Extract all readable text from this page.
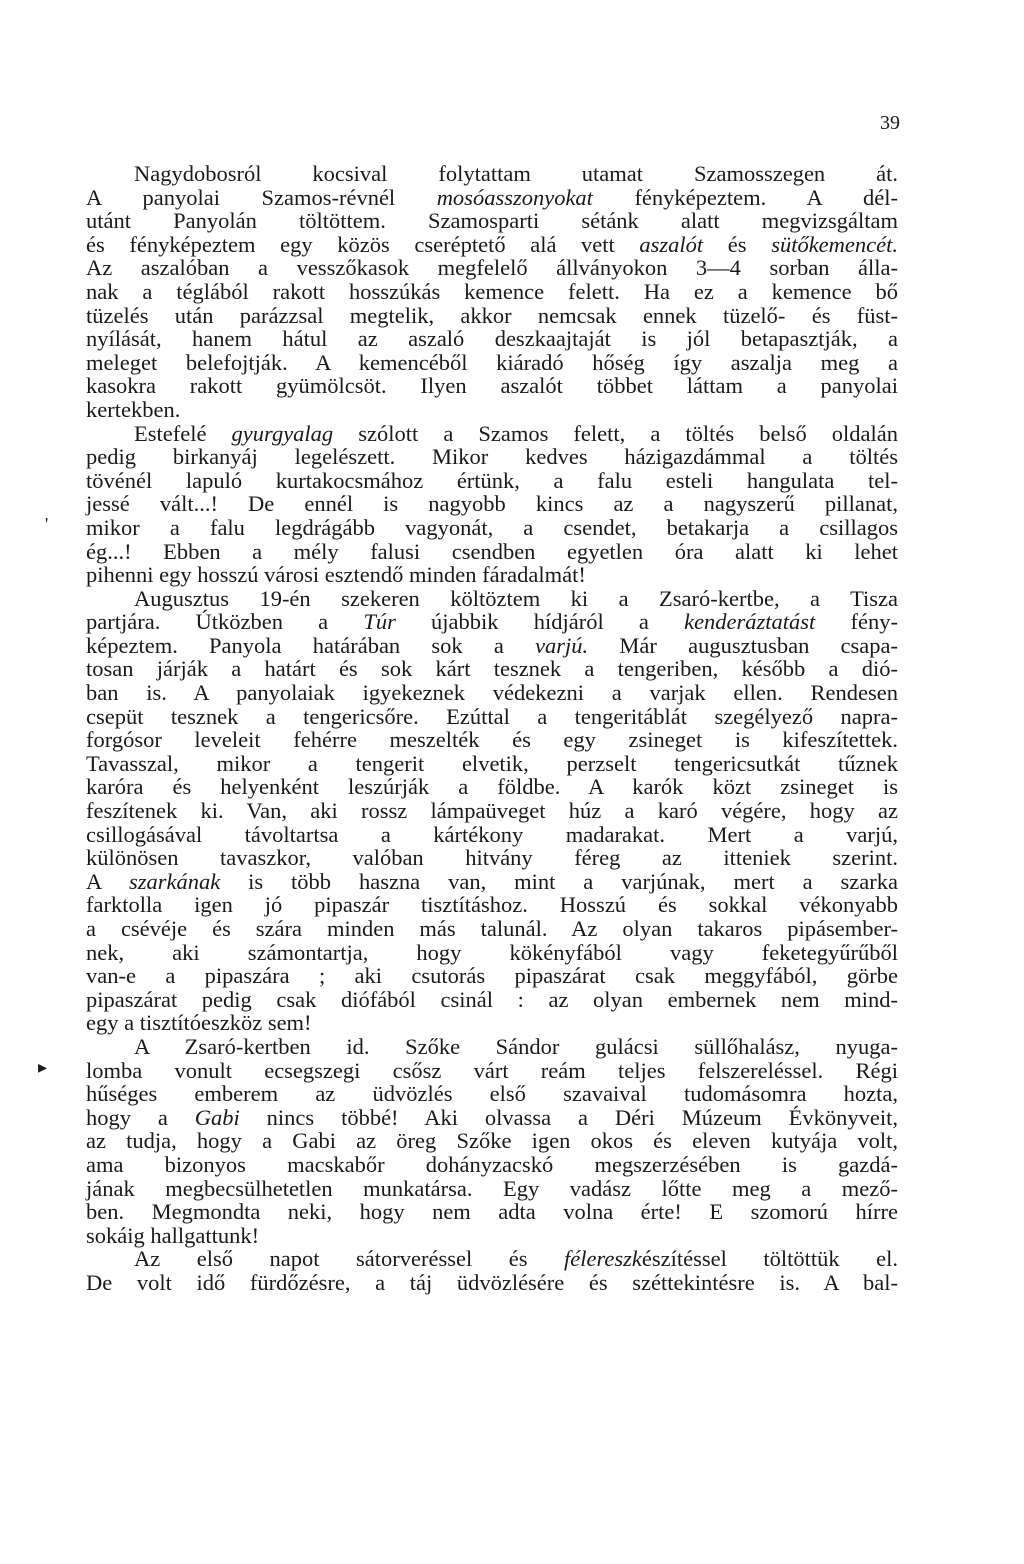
39
'
▸
Nagydobosról kocsival folytattam utamat Szamosszegen át.
A panyolai Szamos-révnél mosóasszonyokat fényképeztem. A dél-
utánt Panyolán töltöttem. Szamosparti sétánk alatt megvizsgáltam
és fényképeztem egy közös cseréptető alá vett aszalót és sütőkemencét.
Az aszalóban a vesszőkasok megfelelő állványokon 3—4 sorban álla-
nak a téglából rakott hosszúkás kemence felett. Ha ez a kemence bő
tüzelés után parázzsal megtelik, akkor nemcsak ennek tüzelő- és füst-
nyílását, hanem hátul az aszaló deszkaajtaját is jól betapasztják, a
meleget belefojtják. A kemencéből kiáradó hőség így aszalja meg a
kasokra rakott gyümölcsöt. Ilyen aszalót többet láttam a panyolai
kertekben.
Estefelé gyurgyalag szólott a Szamos felett, a töltés belső oldalán
pedig birkanyáj legelészett. Mikor kedves házigazdámmal a töltés
tövénél lapuló kurtakocsmához értünk, a falu esteli hangulata tel-
jessé vált...! De ennél is nagyobb kincs az a nagyszerű pillanat,
mikor a falu legdrágább vagyonát, a csendet, betakarja a csillagos
ég...! Ebben a mély falusi csendben egyetlen óra alatt ki lehet
pihenni egy hosszú városi esztendő minden fáradalmát!
Augusztus 19-én szekeren költöztem ki a Zsaró-kertbe, a Tisza
partjára. Útközben a Túr újabbik hídjáról a kenderáztatást fény-
képeztem. Panyola határában sok a varjú. Már augusztusban csapa-
tosan járják a határt és sok kárt tesznek a tengeriben, később a dió-
ban is. A panyolaiak igyekeznek védekezni a varjak ellen. Rendesen
csepüt tesznek a tengericsőre. Ezúttal a tengeritáblát szegélyező napra-
forgósor leveleit fehérre meszelték és egy zsineget is kifeszítettek.
Tavasszal, mikor a tengerit elvetik, perzselt tengericsutkát tűznek
karóra és helyenként leszúrják a földbe. A karók közt zsineget is
feszítenek ki. Van, aki rossz lámpaüveget húz a karó végére, hogy az
csillogásával távoltartsa a kártékony madarakat. Mert a varjú,
különösen tavaszkor, valóban hitvány féreg az itteniek szerint.
A szarkának is több haszna van, mint a varjúnak, mert a szarka
farktolla igen jó pipaszár tisztításhoz. Hosszú és sokkal vékonyabb
a csévéje és szára minden más talunál. Az olyan takaros pipásember-
nek, aki számontartja, hogy kökényfából vagy feketegyűrűből
van-e a pipaszára ; aki csutorás pipaszárat csak meggyfából, görbe
pipaszárat pedig csak diófából csinál : az olyan embernek nem mind-
egy a tisztítóeszköz sem!
A Zsaró-kertben id. Szőke Sándor gulácsi süllőhalász, nyuga-
lomba vonult ecsegszegi csősz várt reám teljes felszereléssel. Régi
hűséges emberem az üdvözlés első szavaival tudomásomra hozta,
hogy a Gabi nincs többé! Aki olvassa a Déri Múzeum Évkönyveit,
az tudja, hogy a Gabi az öreg Szőke igen okos és eleven kutyája volt,
ama bizonyos macskabőr dohányzacskó megszerzésében is gazdá-
jának megbecsülhetetlen munkatársa. Egy vadász lőtte meg a mező-
ben. Megmondta neki, hogy nem adta volna érte! E szomorú hírre
sokáig hallgattunk!
Az első napot sátorveréssel és félereszkészítéssel töltöttük el.
De volt idő fürdőzésre, a táj üdvözlésére és széttekintésre is. A bal-
